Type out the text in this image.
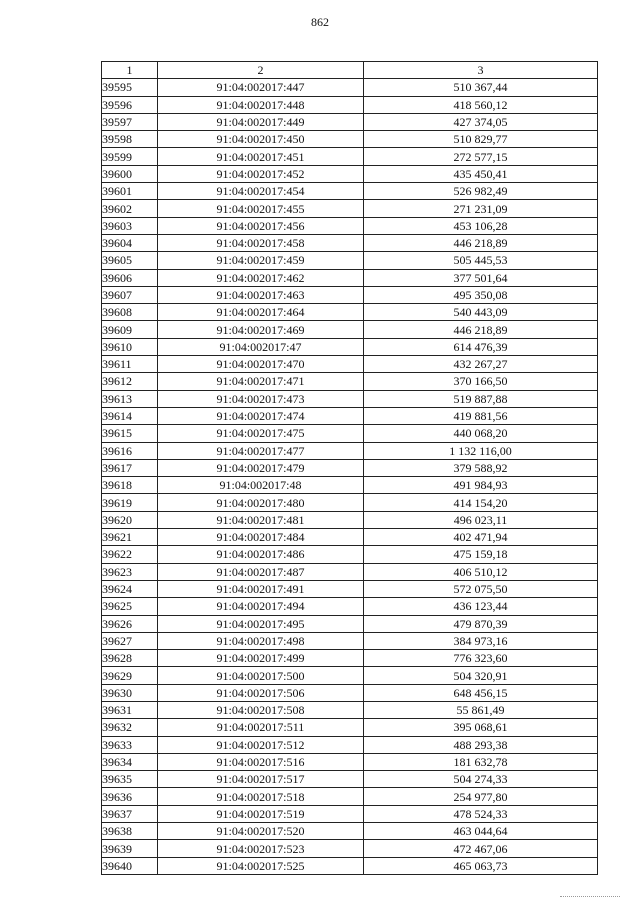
862
1	2	3
39595	91:04:002017:447	510 367,44
39596	91:04:002017:448	418 560,12
39597	91:04:002017:449	427 374,05
39598	91:04:002017:450	510 829,77
39599	91:04:002017:451	272 577,15
39600	91:04:002017:452	435 450,41
39601	91:04:002017:454	526 982,49
39602	91:04:002017:455	271 231,09
39603	91:04:002017:456	453 106,28
39604	91:04:002017:458	446 218,89
39605	91:04:002017:459	505 445,53
39606	91:04:002017:462	377 501,64
39607	91:04:002017:463	495 350,08
39608	91:04:002017:464	540 443,09
39609	91:04:002017:469	446 218,89
39610	91:04:002017:47	614 476,39
39611	91:04:002017:470	432 267,27
39612	91:04:002017:471	370 166,50
39613	91:04:002017:473	519 887,88
39614	91:04:002017:474	419 881,56
39615	91:04:002017:475	440 068,20
39616	91:04:002017:477	1 132 116,00
39617	91:04:002017:479	379 588,92
39618	91:04:002017:48	491 984,93
39619	91:04:002017:480	414 154,20
39620	91:04:002017:481	496 023,11
39621	91:04:002017:484	402 471,94
39622	91:04:002017:486	475 159,18
39623	91:04:002017:487	406 510,12
39624	91:04:002017:491	572 075,50
39625	91:04:002017:494	436 123,44
39626	91:04:002017:495	479 870,39
39627	91:04:002017:498	384 973,16
39628	91:04:002017:499	776 323,60
39629	91:04:002017:500	504 320,91
39630	91:04:002017:506	648 456,15
39631	91:04:002017:508	55 861,49
39632	91:04:002017:511	395 068,61
39633	91:04:002017:512	488 293,38
39634	91:04:002017:516	181 632,78
39635	91:04:002017:517	504 274,33
39636	91:04:002017:518	254 977,80
39637	91:04:002017:519	478 524,33
39638	91:04:002017:520	463 044,64
39639	91:04:002017:523	472 467,06
39640	91:04:002017:525	465 063,73
